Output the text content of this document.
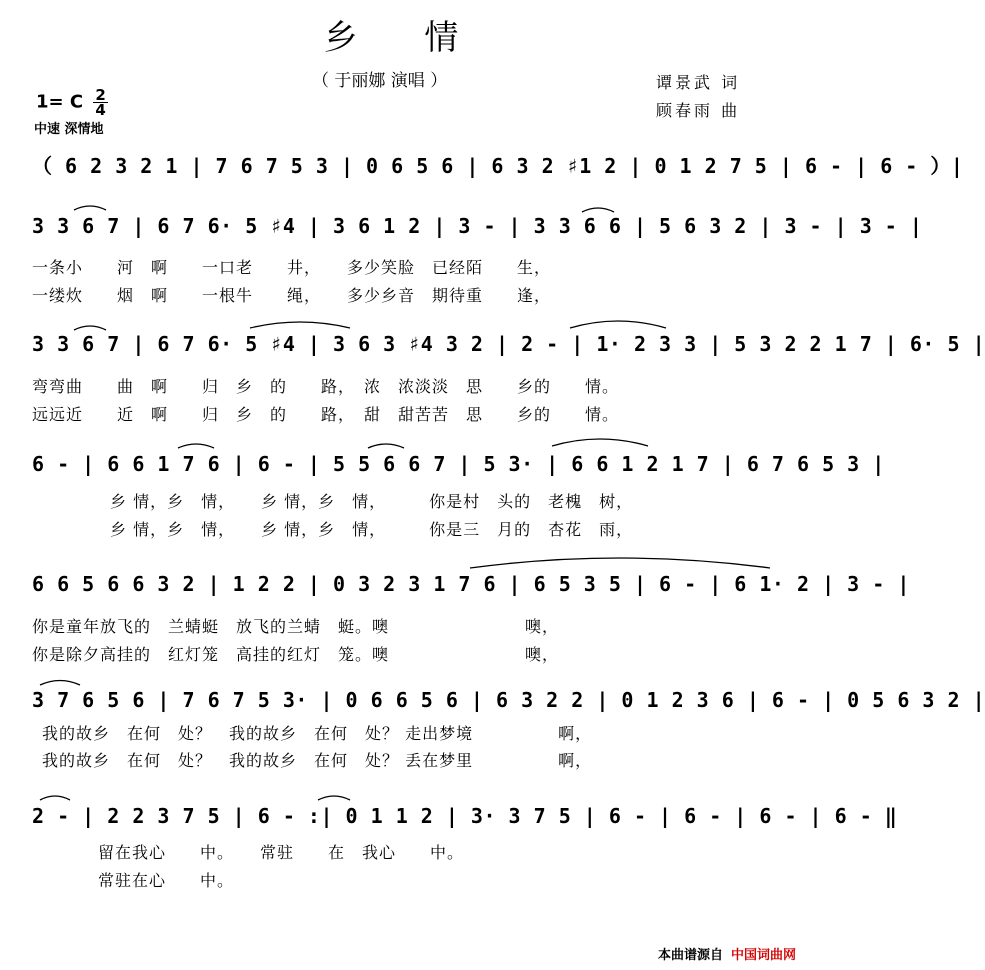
乡 情
（ 于丽娜 演唱 ）
1= C $\frac{2}{4}$
中速 深情地
谭景武 词
顾春雨 曲
（ 6 2 3 2 1 | 7 6 7 5 3 | 0 6 5 6 | 6 3 2 ♯1 2 | 0 1 2 7 5 | 6 - | 6 - ）|
3 3 6 7 | 6 7 6· 5 ♯4 | 3 6 1 2 | 3 - | 3 3 6 6 | 5 6 3 2 | 3 - | 3 - |
一条小　　河　啊　　一口老　　井，　　多少笑脸　已经陌　　生，
一缕炊　　烟　啊　　一根牛　　绳，　　多少乡音　期待重　　逢，
3 3 6 7 | 6 7 6· 5 ♯4 | 3 6 3 ♯4 3 2 | 2 - | 1· 2 3 3 | 5 3 2 2 1 7 | 6· 5 |
弯弯曲　　曲　啊　　归　乡　的　　路，　浓　浓淡淡　思　　乡的　　情。
远远近　　近　啊　　归　乡　的　　路，　甜　甜苦苦　思　　乡的　　情。
6 - | 6 6 1 7 6 | 6 - | 5 5 6 6 7 | 5 3· | 6 6 1 2 1 7 | 6 7 6 5 3 |
乡 情，乡　情，　　乡 情，乡　情，　　　你是村　头的　老槐　树，
乡 情，乡　情，　　乡 情，乡　情，　　　你是三　月的　杏花　雨，
6 6 5 6 6 3 2 | 1 2 2 | 0 3 2 3 1 7 6 | 6 5 3 5 | 6 - | 6 1· 2 | 3 - |
你是童年放飞的　兰蜻蜓　放飞的兰蜻　蜓。噢　　　　　　　　噢，
你是除夕高挂的　红灯笼　高挂的红灯　笼。噢　　　　　　　　噢，
3 7 6 5 6 | 7 6 7 5 3· | 0 6 6 5 6 | 6 3 2 2 | 0 1 2 3 6 | 6 - | 0 5 6 3 2 |
我的故乡　在何　处？　我的故乡　在何　处？ 走出梦境　　　　　啊，
我的故乡　在何　处？　我的故乡　在何　处？ 丢在梦里　　　　　啊，
2 - | 2 2 3 7 5 | 6 - :| 0 1 1 2 | 3· 3 7 5 | 6 - | 6 - | 6 - | 6 - ‖
留在我心　　中。　　常驻　　在　我心　　中。
常驻在心　　中。
本曲谱源自 中国词曲网
